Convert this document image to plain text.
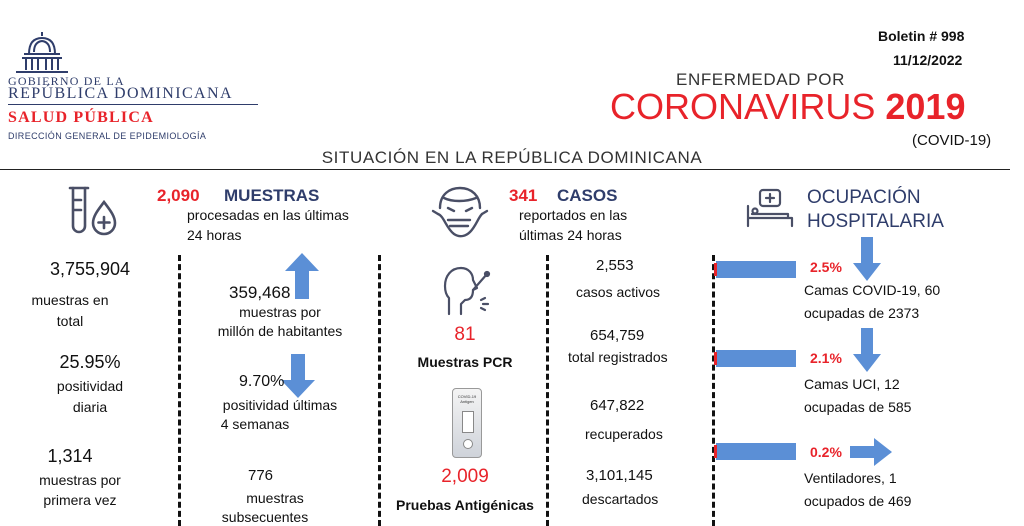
GOBIERNO DE LA
REPÚBLICA DOMINICANA
SALUD PÚBLICA
DIRECCIÓN GENERAL DE EPIDEMIOLOGÍA
Boletin # 998
11/12/2022
ENFERMEDAD POR
CORONAVIRUS 2019
(COVID-19)
SITUACIÓN EN LA REPÚBLICA DOMINICANA
2,090 MUESTRAS
procesadas en las últimas
24 horas
3,755,904
muestras en
total
25.95%
positividad
diaria
1,314
muestras por
primera vez
359,468
muestras por
millón de habitantes
9.70%
positividad últimas
4 semanas
776
muestras
subsecuentes
341 CASOS
reportados en las
últimas 24 horas
81
Muestras PCR
COVID-19 Antigen
2,009
Pruebas Antigénicas
2,553
casos activos
654,759
total registrados
647,822
recuperados
3,101,145
descartados
OCUPACIÓN
HOSPITALARIA
2.5%
Camas COVID-19, 60
ocupadas de 2373
2.1%
Camas UCI, 12
ocupadas de 585
0.2%
Ventiladores, 1
ocupados de 469
